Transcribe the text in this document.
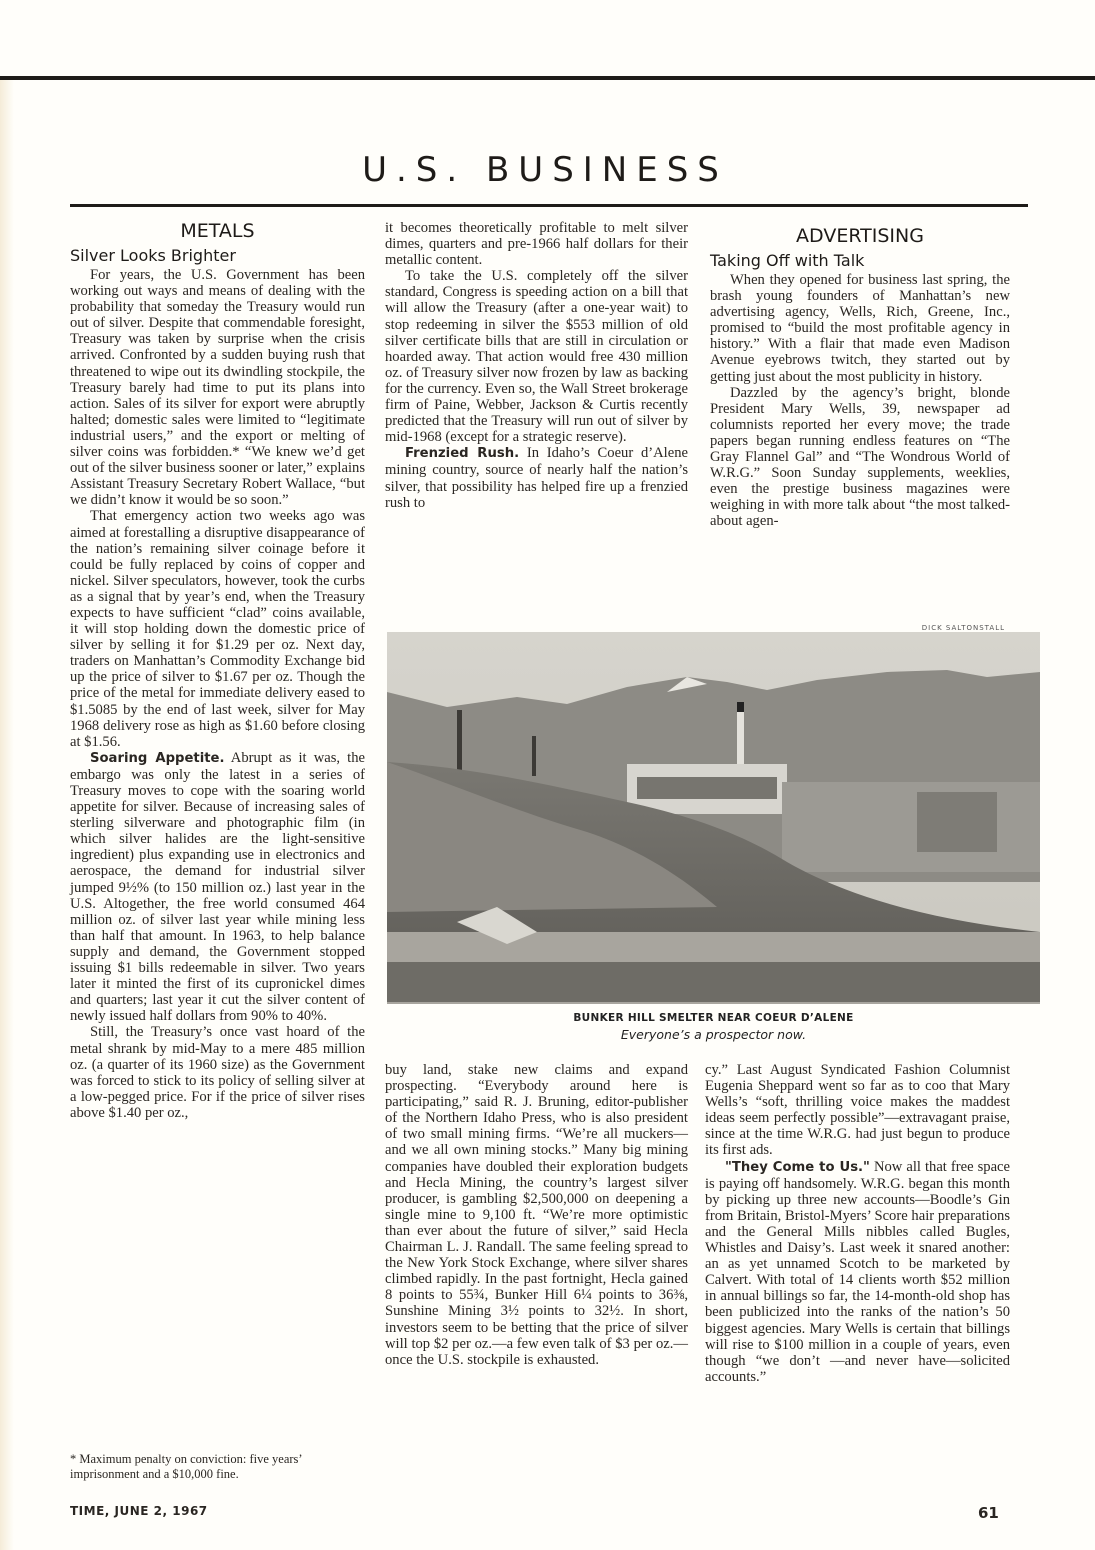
U.S. BUSINESS
METALS
Silver Looks Brighter

For years, the U.S. Government has been working out ways and means of dealing with the probability that someday the Treasury would run out of silver. Despite that commendable foresight, Treasury was taken by surprise when the crisis arrived. Confronted by a sudden buying rush that threatened to wipe out its dwindling stockpile, the Treasury barely had time to put its plans into action. Sales of its silver for export were abruptly halted; domestic sales were limited to “legitimate industrial users,” and the export or melting of silver coins was forbidden.* “We knew we’d get out of the silver business sooner or later,” explains Assistant Treasury Secretary Robert Wallace, “but we didn’t know it would be so soon.”

That emergency action two weeks ago was aimed at forestalling a disruptive disappearance of the nation’s remaining silver coinage before it could be fully replaced by coins of copper and nickel. Silver speculators, however, took the curbs as a signal that by year’s end, when the Treasury expects to have sufficient “clad” coins available, it will stop holding down the domestic price of silver by selling it for $1.29 per oz. Next day, traders on Manhattan’s Commodity Exchange bid up the price of silver to $1.67 per oz. Though the price of the metal for immediate delivery eased to $1.5085 by the end of last week, silver for May 1968 delivery rose as high as $1.60 before closing at $1.56.

Soaring Appetite. Abrupt as it was, the embargo was only the latest in a series of Treasury moves to cope with the soaring world appetite for silver. Because of increasing sales of sterling silverware and photographic film (in which silver halides are the light-sensitive ingredient) plus expanding use in electronics and aerospace, the demand for industrial silver jumped 9½% (to 150 million oz.) last year in the U.S. Altogether, the free world consumed 464 million oz. of silver last year while mining less than half that amount. In 1963, to help balance supply and demand, the Government stopped issuing $1 bills redeemable in silver. Two years later it minted the first of its cupronickel dimes and quarters; last year it cut the silver content of newly issued half dollars from 90% to 40%.

Still, the Treasury’s once vast hoard of the metal shrank by mid-May to a mere 485 million oz. (a quarter of its 1960 size) as the Government was forced to stick to its policy of selling silver at a low-pegged price. For if the price of silver rises above $1.40 per oz.,

* Maximum penalty on conviction: five years’ imprisonment and a $10,000 fine.

it becomes theoretically profitable to melt silver dimes, quarters and pre-1966 half dollars for their metallic content.

To take the U.S. completely off the silver standard, Congress is speeding action on a bill that will allow the Treasury (after a one-year wait) to stop redeeming in silver the $553 million of old silver certificate bills that are still in circulation or hoarded away. That action would free 430 million oz. of Treasury silver now frozen by law as backing for the currency. Even so, the Wall Street brokerage firm of Paine, Webber, Jackson & Curtis recently predicted that the Treasury will run out of silver by mid-1968 (except for a strategic reserve).

Frenzied Rush. In Idaho’s Coeur d’Alene mining country, source of nearly half the nation’s silver, that possibility has helped fire up a frenzied rush to

ADVERTISING
Taking Off with Talk

When they opened for business last spring, the brash young founders of Manhattan’s new advertising agency, Wells, Rich, Greene, Inc., promised to “build the most profitable agency in history.” With a flair that made even Madison Avenue eyebrows twitch, they started out by getting just about the most publicity in history.

Dazzled by the agency’s bright, blonde President Mary Wells, 39, newspaper ad columnists reported her every move; the trade papers began running endless features on “The Gray Flannel Gal” and “The Wondrous World of W.R.G.” Soon Sunday supplements, weeklies, even the prestige business magazines were weighing in with more talk about “the most talked-about agen-

DICK SALTONSTALL
BUNKER HILL SMELTER NEAR COEUR D’ALENE
Everyone’s a prospector now.

buy land, stake new claims and expand prospecting. “Everybody around here is participating,” said R. J. Bruning, editor-publisher of the Northern Idaho Press, who is also president of two small mining firms. “We’re all muckers—and we all own mining stocks.” Many big mining companies have doubled their exploration budgets and Hecla Mining, the country’s largest silver producer, is gambling $2,500,000 on deepening a single mine to 9,100 ft. “We’re more optimistic than ever about the future of silver,” said Hecla Chairman L. J. Randall. The same feeling spread to the New York Stock Exchange, where silver shares climbed rapidly. In the past fortnight, Hecla gained 8 points to 55¾, Bunker Hill 6¼ points to 36⅜, Sunshine Mining 3½ points to 32½. In short, investors seem to be betting that the price of silver will top $2 per oz.—a few even talk of $3 per oz.—once the U.S. stockpile is exhausted.

cy.” Last August Syndicated Fashion Columnist Eugenia Sheppard went so far as to coo that Mary Wells’s “soft, thrilling voice makes the maddest ideas seem perfectly possible”—extravagant praise, since at the time W.R.G. had just begun to produce its first ads.

"They Come to Us." Now all that free space is paying off handsomely. W.R.G. began this month by picking up three new accounts—Boodle’s Gin from Britain, Bristol-Myers’ Score hair preparations and the General Mills nibbles called Bugles, Whistles and Daisy’s. Last week it snared another: an as yet unnamed Scotch to be marketed by Calvert. With total of 14 clients worth $52 million in annual billings so far, the 14-month-old shop has been publicized into the ranks of the nation’s 50 biggest agencies. Mary Wells is certain that billings will rise to $100 million in a couple of years, even though “we don’t —and never have—solicited accounts.”

TIME, JUNE 2, 1967	61
